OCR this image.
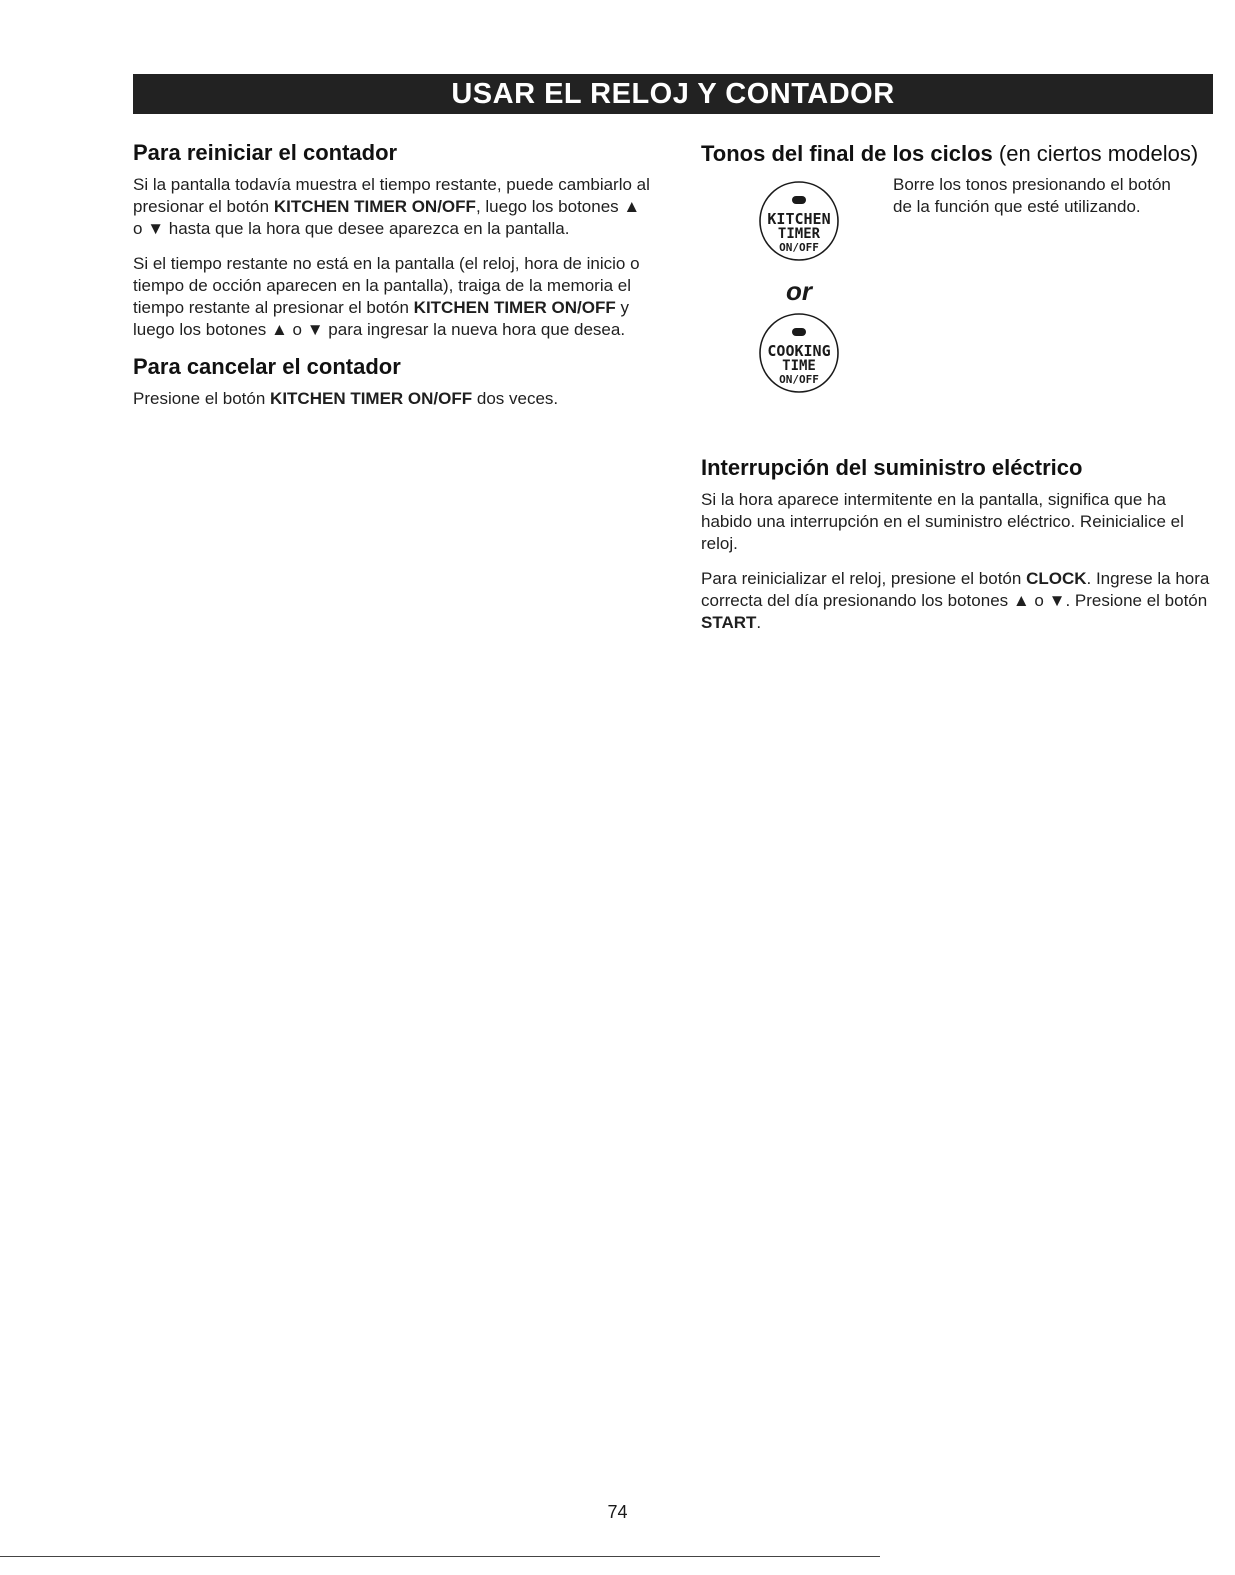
USAR EL RELOJ Y CONTADOR
Para reiniciar el contador

Si la pantalla todavía muestra el tiempo restante, puede cambiarlo al presionar el botón KITCHEN TIMER ON/OFF, luego los botones ▲ o ▼ hasta que la hora que desee aparezca en la pantalla.

Si el tiempo restante no está en la pantalla (el reloj, hora de inicio o tiempo de occión aparecen en la pantalla), traiga de la memoria el tiempo restante al presionar el botón KITCHEN TIMER ON/OFF y luego los botones ▲ o ▼ para ingresar la nueva hora que desea.

Para cancelar el contador

Presione el botón KITCHEN TIMER ON/OFF dos veces.

Tonos del final de los ciclos (en ciertos modelos)

Borre los tonos presionando el botón de la función que esté utilizando.

KITCHEN
TIMER
ON/OFF
or
COOKING
TIME
ON/OFF
Interrupción del suministro eléctrico

Si la hora aparece intermitente en la pantalla, significa que ha habido una interrupción en el suministro eléctrico. Reinicialice el reloj.

Para reinicializar el reloj, presione el botón CLOCK. Ingrese la hora correcta del día presionando los botones ▲ o ▼. Presione el botón START.

74
